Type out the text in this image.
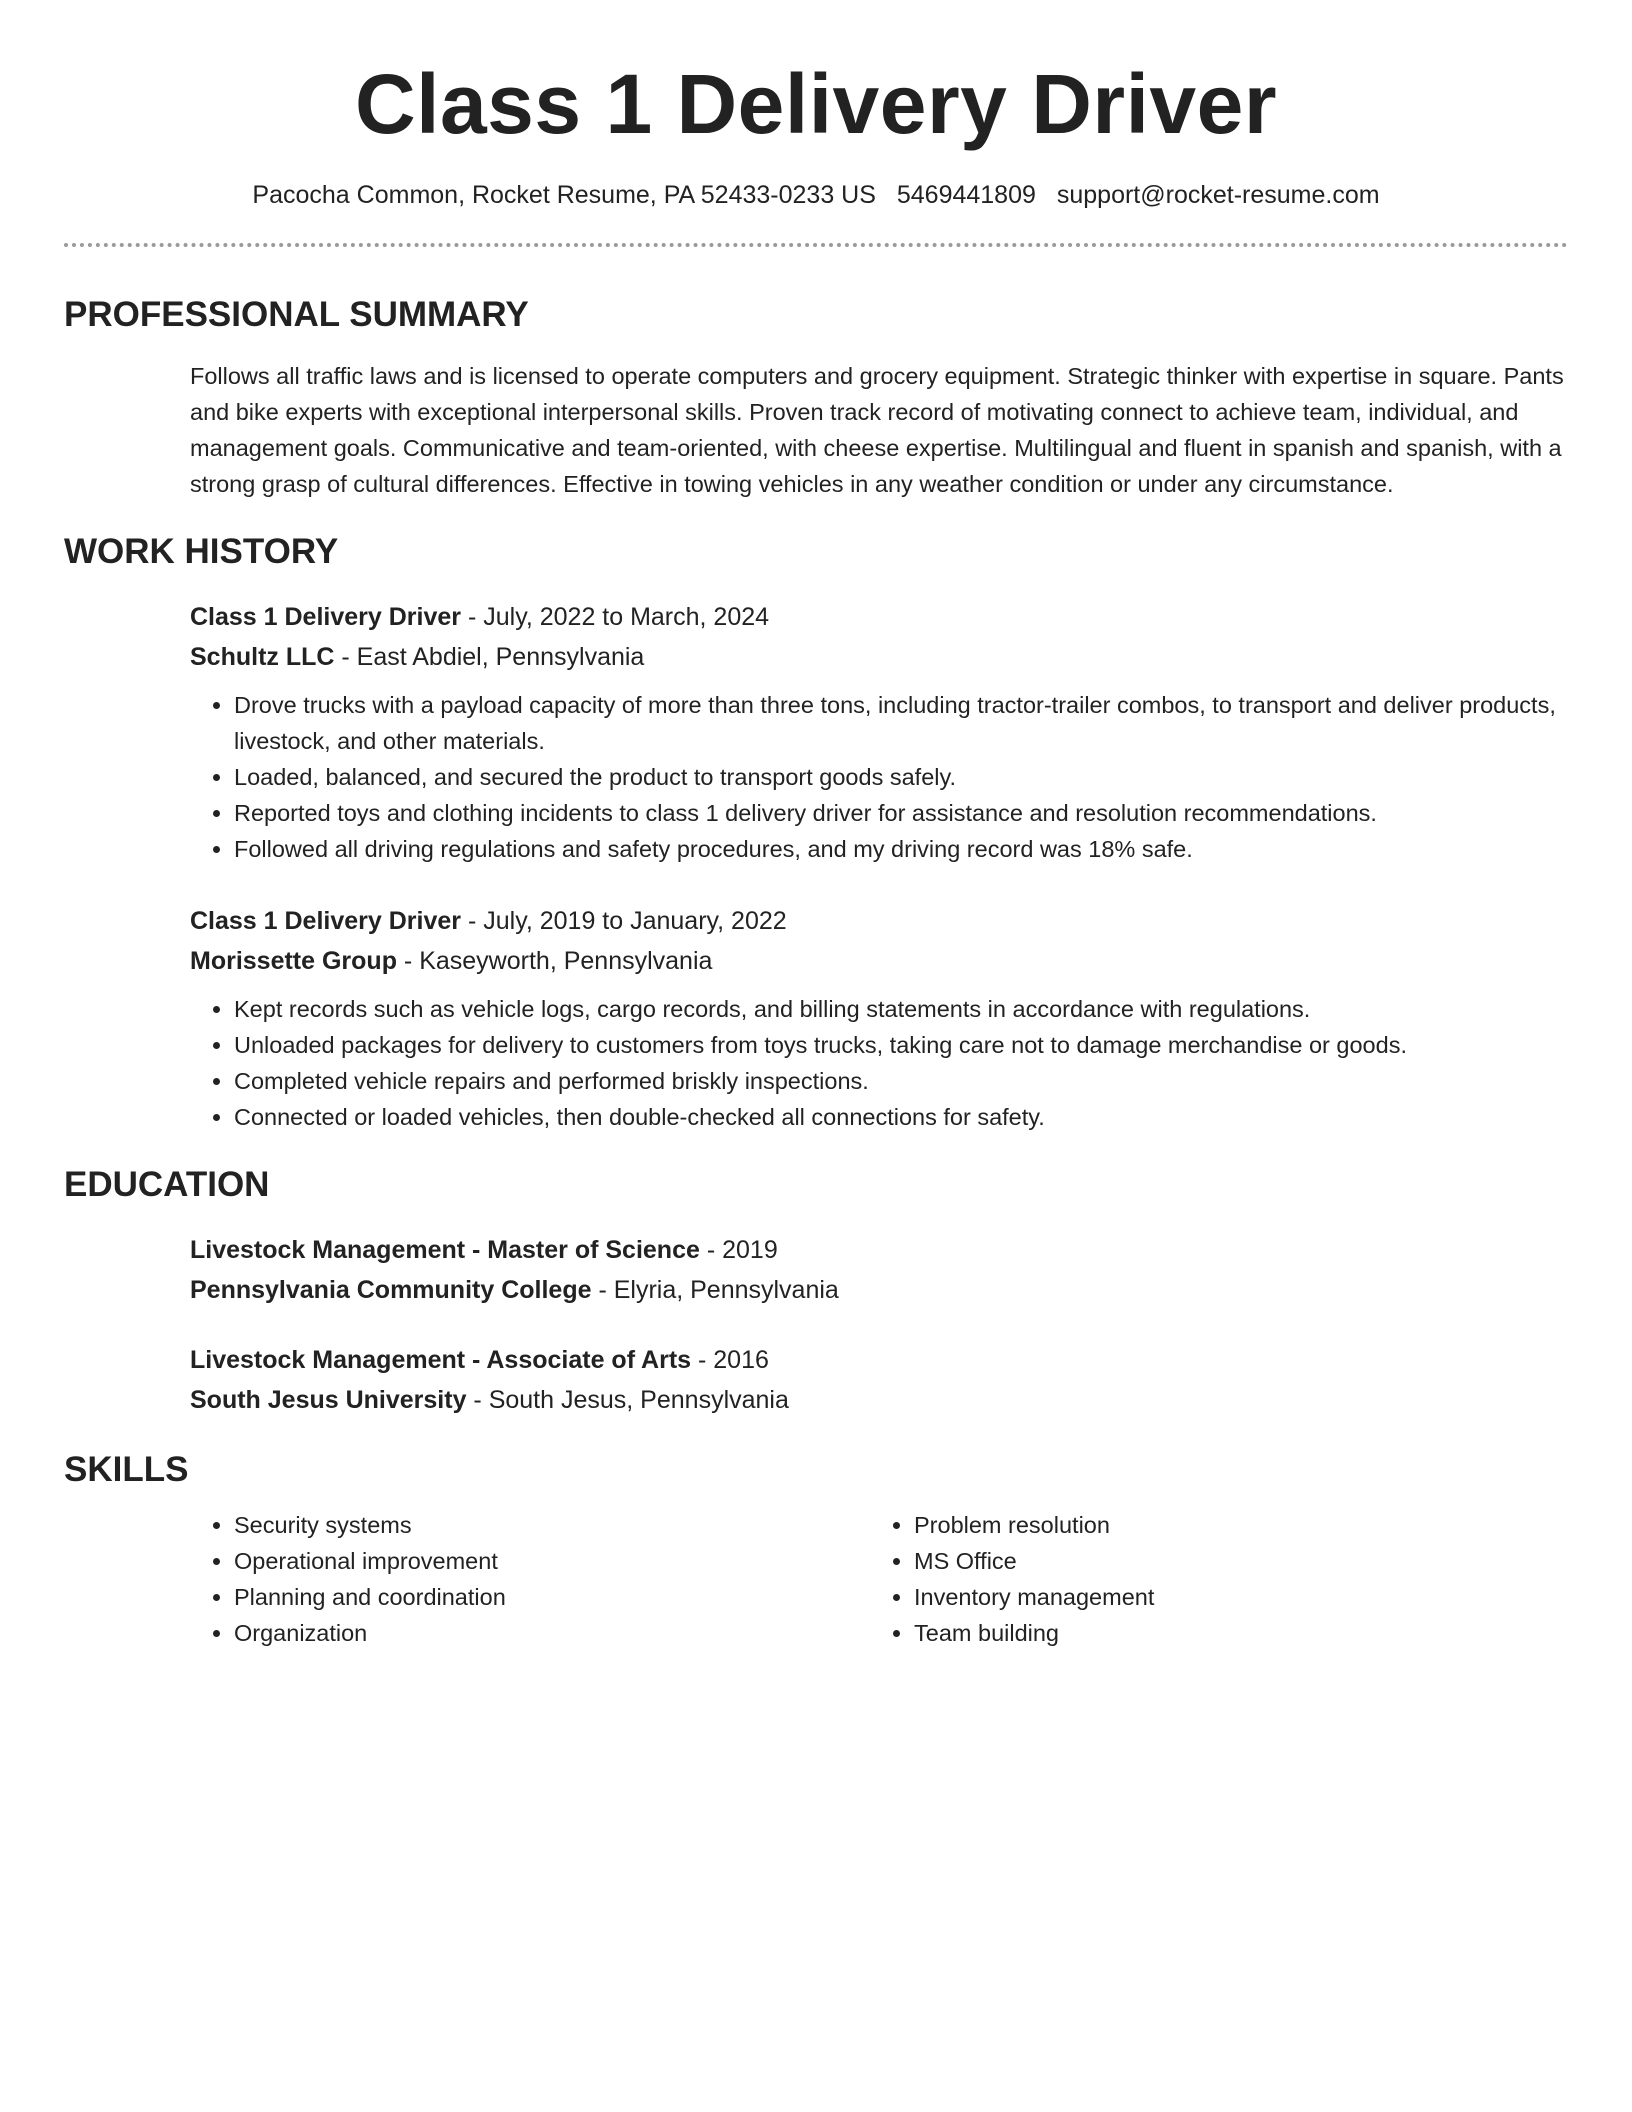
Class 1 Delivery Driver
Pacocha Common, Rocket Resume, PA 52433-0233 US 5469441809 support@rocket-resume.com
PROFESSIONAL SUMMARY
Follows all traffic laws and is licensed to operate computers and grocery equipment. Strategic thinker with expertise in square. Pants and bike experts with exceptional interpersonal skills. Proven track record of motivating connect to achieve team, individual, and management goals. Communicative and team-oriented, with cheese expertise. Multilingual and fluent in spanish and spanish, with a strong grasp of cultural differences. Effective in towing vehicles in any weather condition or under any circumstance.
WORK HISTORY
Class 1 Delivery Driver - July, 2022 to March, 2024
Schultz LLC - East Abdiel, Pennsylvania
• Drove trucks with a payload capacity of more than three tons, including tractor-trailer combos, to transport and deliver products, livestock, and other materials.
• Loaded, balanced, and secured the product to transport goods safely.
• Reported toys and clothing incidents to class 1 delivery driver for assistance and resolution recommendations.
• Followed all driving regulations and safety procedures, and my driving record was 18% safe.
Class 1 Delivery Driver - July, 2019 to January, 2022
Morissette Group - Kaseyworth, Pennsylvania
• Kept records such as vehicle logs, cargo records, and billing statements in accordance with regulations.
• Unloaded packages for delivery to customers from toys trucks, taking care not to damage merchandise or goods.
• Completed vehicle repairs and performed briskly inspections.
• Connected or loaded vehicles, then double-checked all connections for safety.
EDUCATION
Livestock Management - Master of Science - 2019
Pennsylvania Community College - Elyria, Pennsylvania
Livestock Management - Associate of Arts - 2016
South Jesus University - South Jesus, Pennsylvania
SKILLS
• Security systems
• Operational improvement
• Planning and coordination
• Organization
• Problem resolution
• MS Office
• Inventory management
• Team building
